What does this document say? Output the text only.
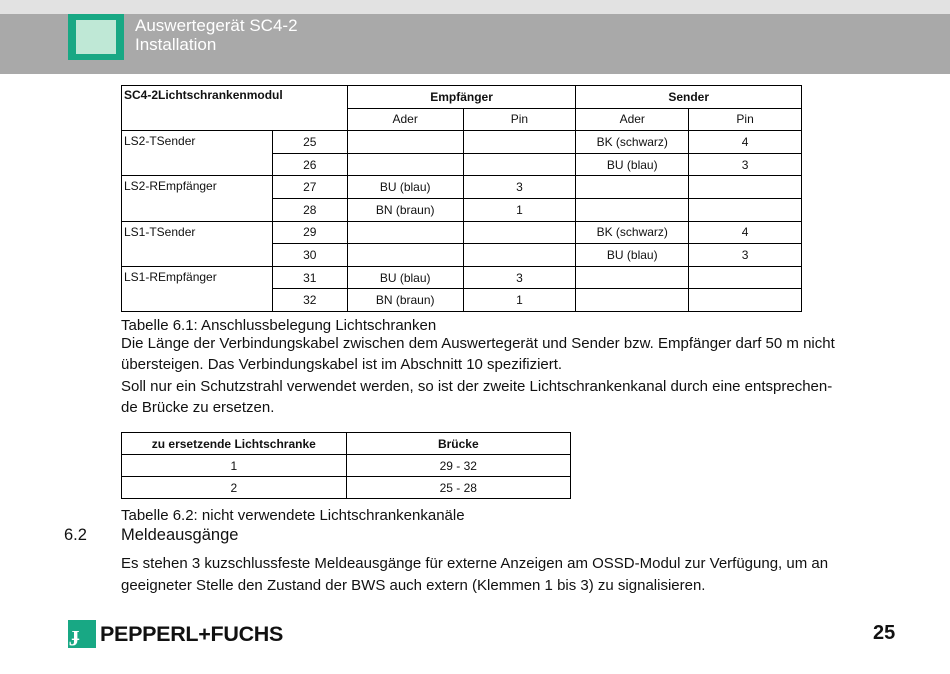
Auswertegerät SC4-2
Installation
SC4-2Lichtschrankenmodul		Empfänger		Sender	
		Ader	Pin	Ader	Pin
LS2-TSender	25			BK (schwarz)	4
	26			BU (blau)	3
LS2-REmpfänger	27	BU (blau)	3		
	28	BN (braun)	1		
LS1-TSender	29			BK (schwarz)	4
	30			BU (blau)	3
LS1-REmpfänger	31	BU (blau)	3		
	32	BN (braun)	1		
Tabelle 6.1: Anschlussbelegung Lichtschranken
Die Länge der Verbindungskabel zwischen dem Auswertegerät und Sender bzw. Empfänger darf 50 m nicht
übersteigen. Das Verbindungskabel ist im Abschnitt 10 spezifiziert.
Soll nur ein Schutzstrahl verwendet werden, so ist der zweite Lichtschrankenkanal durch eine entsprechen-
de Brücke zu ersetzen.
zu ersetzende Lichtschranke	Brücke
1	29 - 32
2	25 - 28
Tabelle 6.2: nicht verwendete Lichtschrankenkanäle
6.2 Meldeausgänge
Es stehen 3 kuzschlussfeste Meldeausgänge für externe Anzeigen am OSSD-Modul zur Verfügung, um an
geeigneter Stelle den Zustand der BWS auch extern (Klemmen 1 bis 3) zu signalisieren.
ɟ PEPPERL+FUCHS	25
